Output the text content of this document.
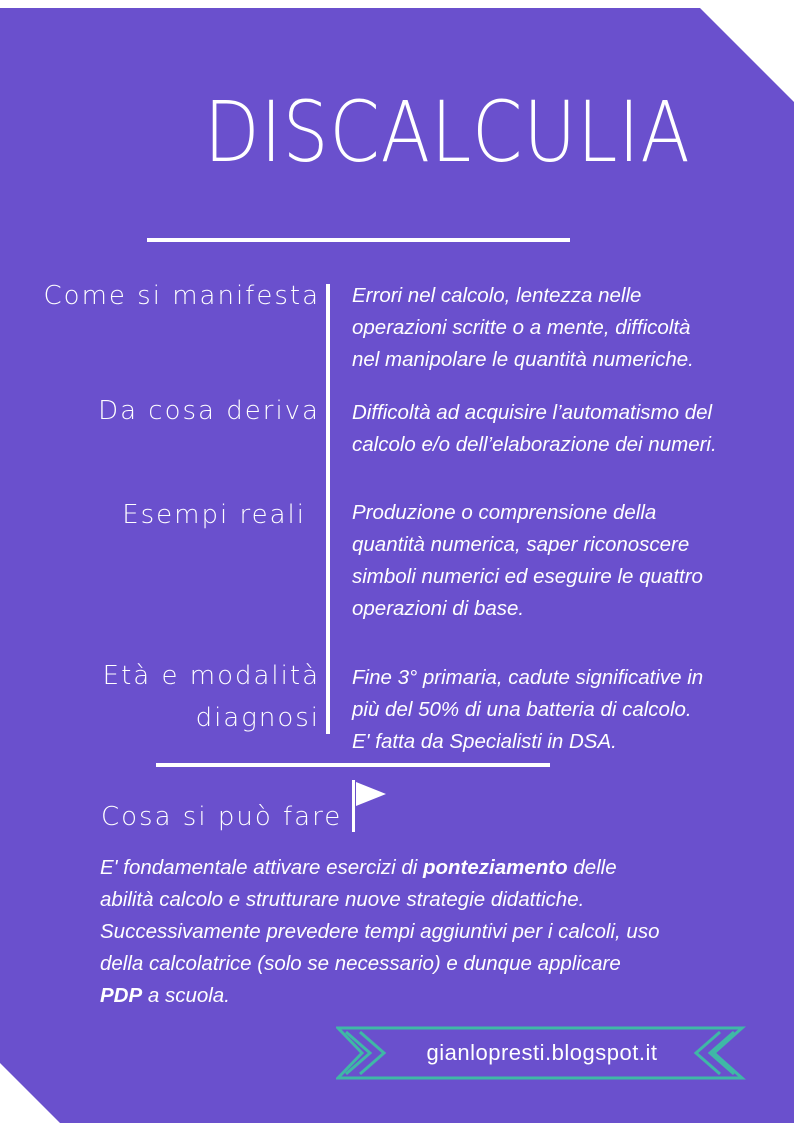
DISCALCULIA
Come si manifesta Errori nel calcolo, lentezza nelle
operazioni scritte o a mente, difficoltà
nel manipolare le quantità numeriche.
Da cosa deriva Difficoltà ad acquisire l’automatismo del
calcolo e/o dell’elaborazione dei numeri.
Esempi reali Produzione o comprensione della
quantità numerica, saper riconoscere
simboli numerici ed eseguire le quattro
operazioni di base.
Età e modalità
diagnosi
Fine 3° primaria, cadute significative in
più del 50% di una batteria di calcolo.
E' fatta da Specialisti in DSA.
Cosa si può fare

E' fondamentale attivare esercizi di ponteziamento delle

abilità calcolo e strutturare nuove strategie didattiche.

Successivamente prevedere tempi aggiuntivi per i calcoli, uso

della calcolatrice (solo se necessario) e dunque applicare

PDP a scuola.

gianlopresti.blogspot.it
